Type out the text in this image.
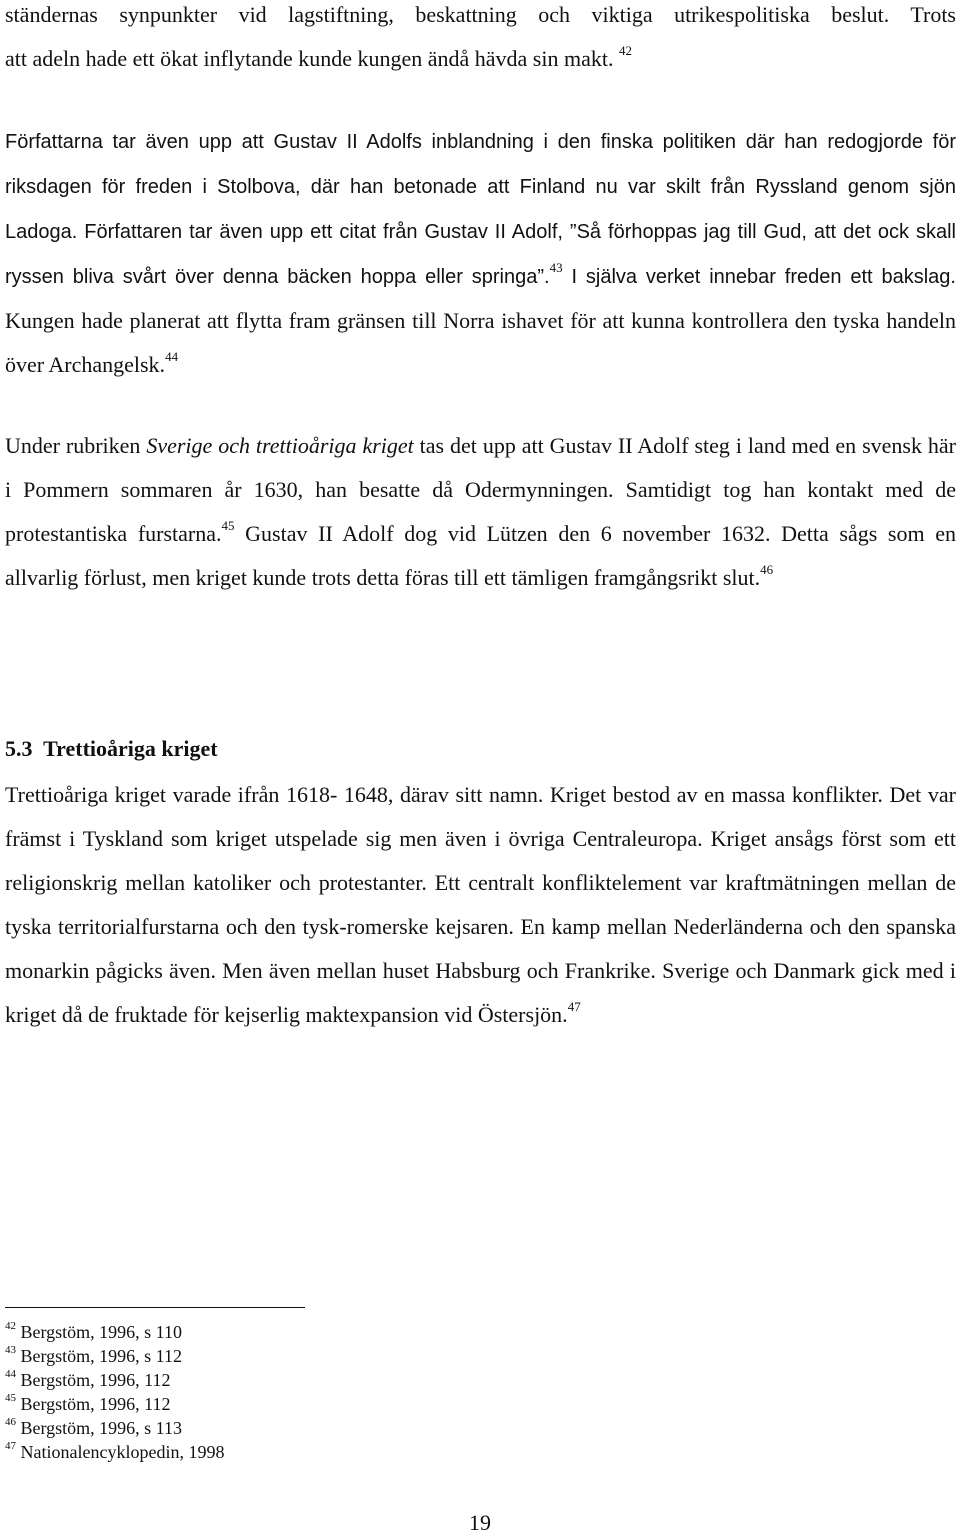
ständernas synpunkter vid lagstiftning, beskattning och viktiga utrikespolitiska beslut. Trots

att adeln hade ett ökat inflytande kunde kungen ändå hävda sin makt. $^{42}$

Författarna tar även upp att Gustav II Adolfs inblandning i den finska politiken där han redogjorde för riksdagen för freden i Stolbova, där han betonade att Finland nu var skilt från Ryssland genom sjön Ladoga. Författaren tar även upp ett citat från Gustav II Adolf, ”Så förhoppas jag till Gud, att det ock skall ryssen bliva svårt över denna bäcken hoppa eller springa”.$^{43}$ I själva verket innebar freden ett bakslag. Kungen hade planerat att flytta fram gränsen till Norra ishavet för att kunna kontrollera den tyska handeln över Archangelsk.$^{44}$

Under rubriken Sverige och trettioåriga kriget tas det upp att Gustav II Adolf steg i land med en svensk här i Pommern sommaren år 1630, han besatte då Odermynningen. Samtidigt tog han kontakt med de protestantiska furstarna.$^{45}$ Gustav II Adolf dog vid Lützen den 6 november 1632. Detta sågs som en allvarlig förlust, men kriget kunde trots detta föras till ett tämligen framgångsrikt slut.$^{46}$

5.3  Trettioåriga kriget

Trettioåriga kriget varade ifrån 1618- 1648, därav sitt namn. Kriget bestod av en massa konflikter. Det var främst i Tyskland som kriget utspelade sig men även i övriga Centraleuropa. Kriget ansågs först som ett religionskrig mellan katoliker och protestanter. Ett centralt konfliktelement var kraftmätningen mellan de tyska territorialfurstarna och den tysk-romerske kejsaren. En kamp mellan Nederländerna och den spanska monarkin pågicks även. Men även mellan huset Habsburg och Frankrike. Sverige och Danmark gick med i kriget då de fruktade för kejserlig maktexpansion vid Östersjön.$^{47}$

$^{42}$ Bergstöm, 1996, s 110
$^{43}$ Bergstöm, 1996, s 112
$^{44}$ Bergstöm, 1996, 112
$^{45}$ Bergstöm, 1996, 112
$^{46}$ Bergstöm, 1996, s 113
$^{47}$ Nationalencyklopedin, 1998
19
